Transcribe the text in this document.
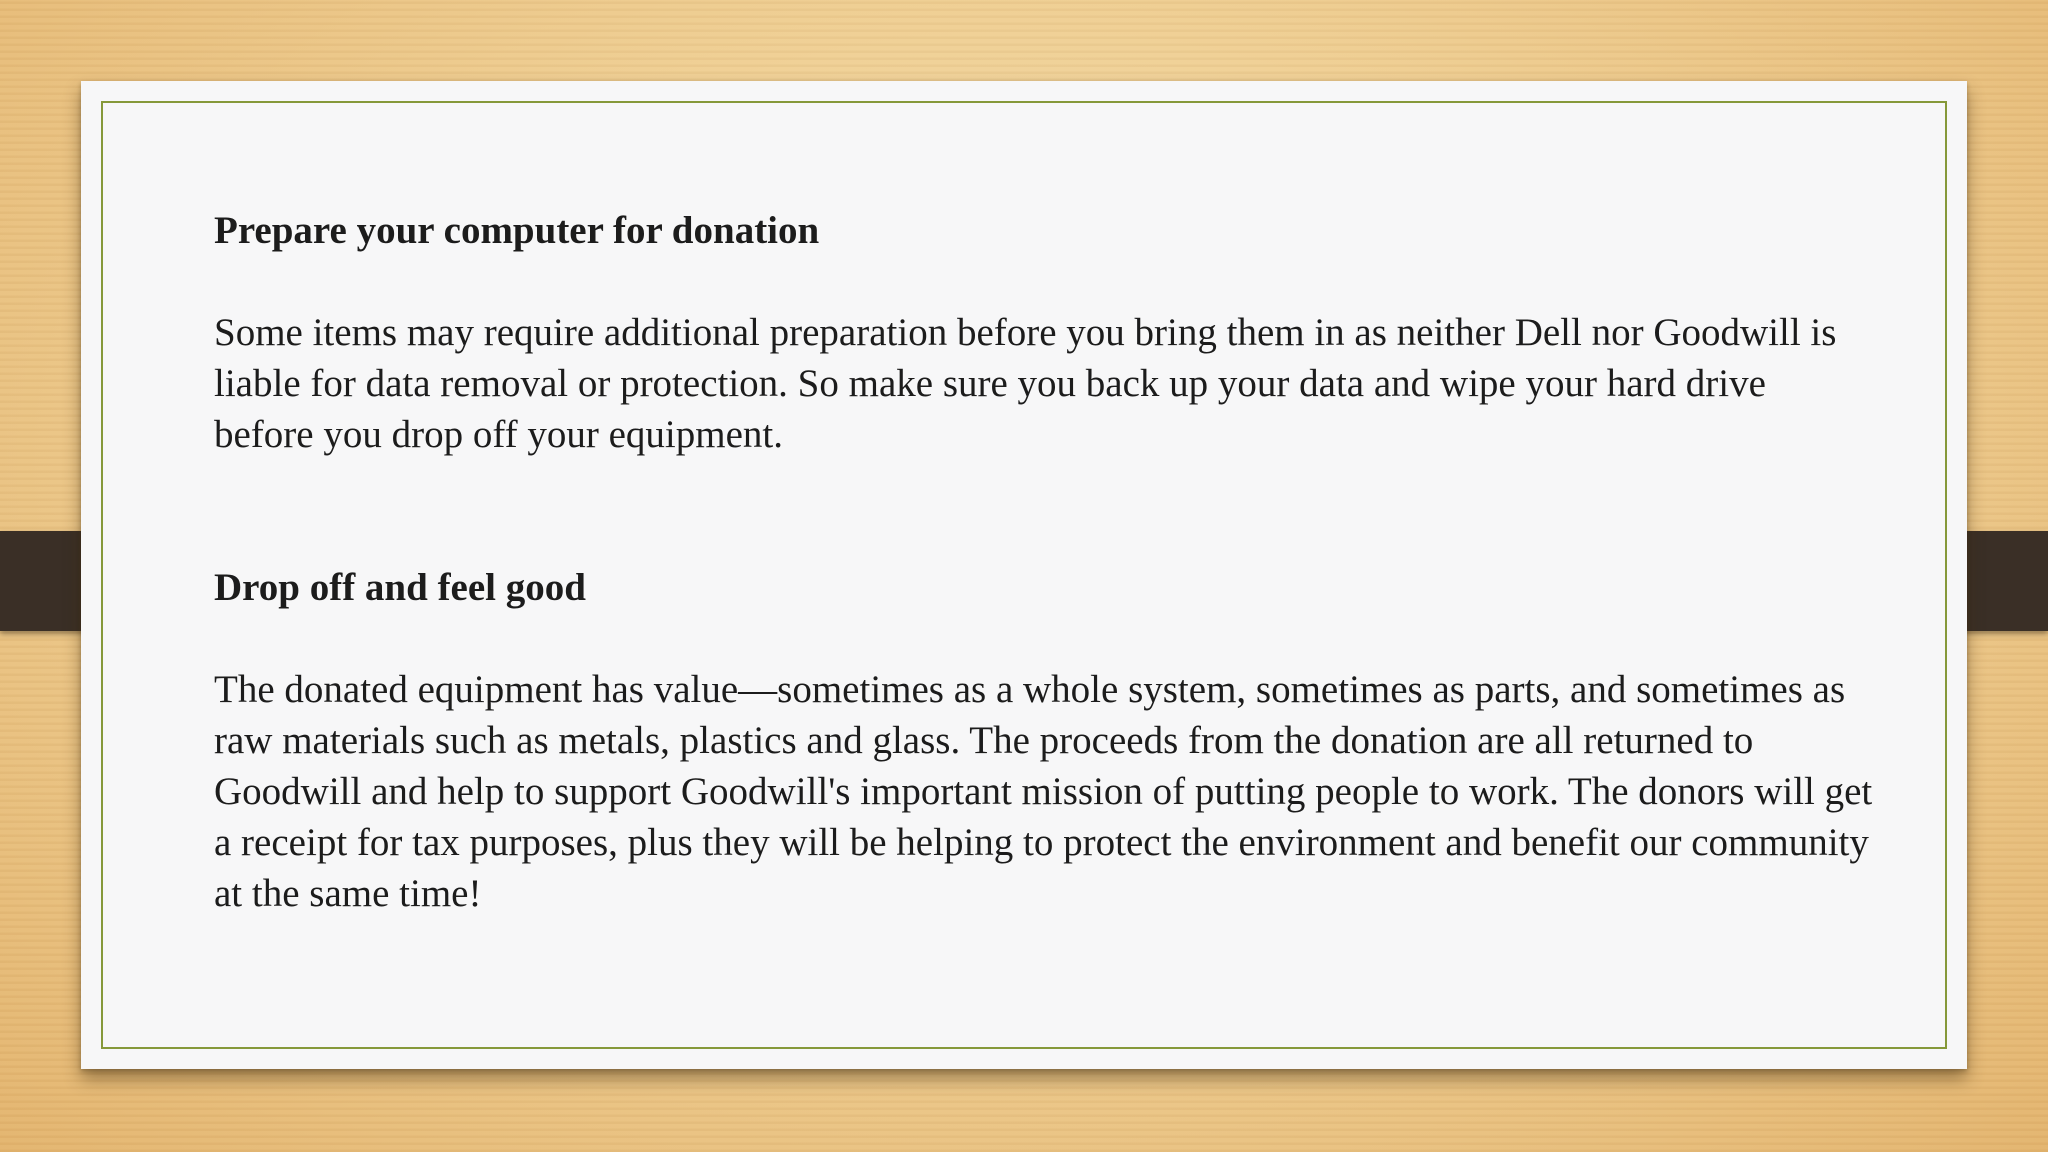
Prepare your computer for donation

Some items may require additional preparation before you bring them in as neither Dell nor Goodwill is liable for data removal or protection. So make sure you back up your data and wipe your hard drive before you drop off your equipment.

Drop off and feel good

The donated equipment has value—sometimes as a whole system, sometimes as parts, and sometimes as raw materials such as metals, plastics and glass. The proceeds from the donation are all returned to Goodwill and help to support Goodwill's important mission of putting people to work. The donors will get a receipt for tax purposes, plus they will be helping to protect the environment and benefit our community at the same time!
